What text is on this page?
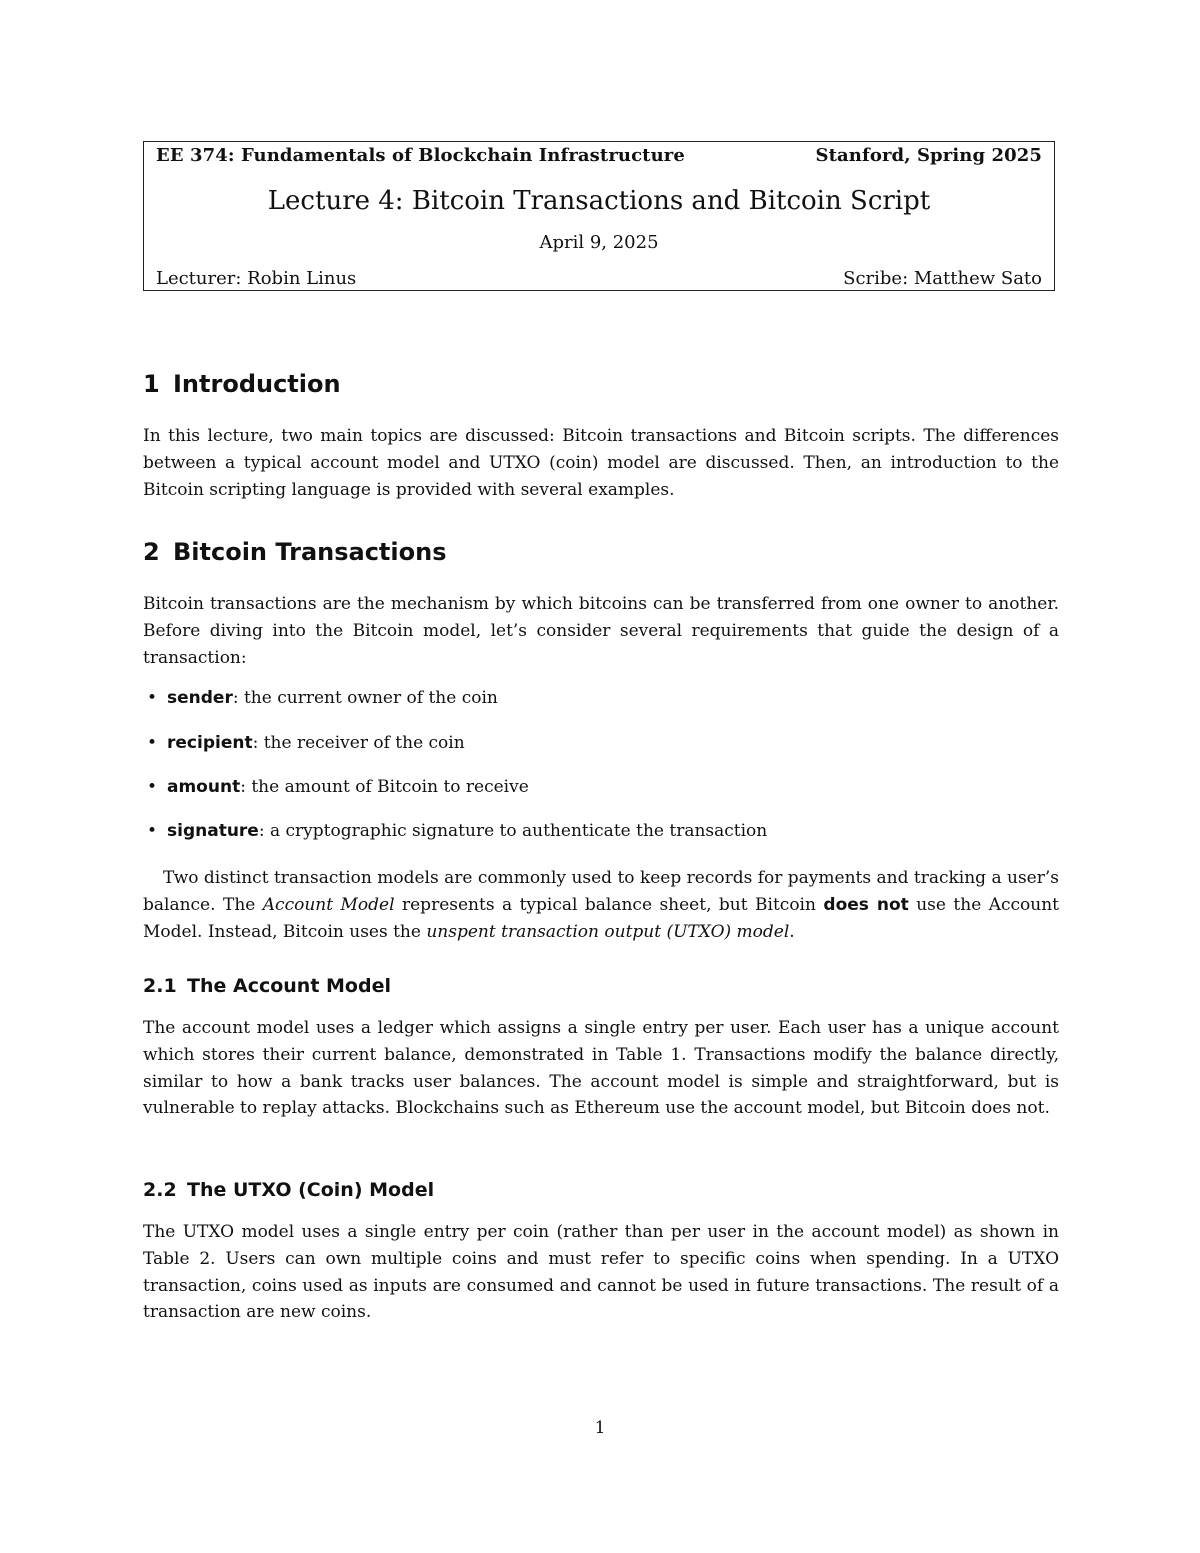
EE 374: Fundamentals of Blockchain Infrastructure	Stanford, Spring 2025
Lecture 4: Bitcoin Transactions and Bitcoin Script
April 9, 2025
Lecturer: Robin Linus	Scribe: Matthew Sato
1 Introduction

In this lecture, two main topics are discussed: Bitcoin transactions and Bitcoin scripts. The differences between a typical account model and UTXO (coin) model are discussed. Then, an introduction to the Bitcoin scripting language is provided with several examples.

2 Bitcoin Transactions

Bitcoin transactions are the mechanism by which bitcoins can be transferred from one owner to another. Before diving into the Bitcoin model, let’s consider several requirements that guide the design of a transaction:

• sender: the current owner of the coin
• recipient: the receiver of the coin
• amount: the amount of Bitcoin to receive
• signature: a cryptographic signature to authenticate the transaction

Two distinct transaction models are commonly used to keep records for payments and tracking a user’s balance. The Account Model represents a typical balance sheet, but Bitcoin does not use the Account Model. Instead, Bitcoin uses the unspent transaction output (UTXO) model.

2.1 The Account Model

The account model uses a ledger which assigns a single entry per user. Each user has a unique account which stores their current balance, demonstrated in Table 1. Transactions modify the balance directly, similar to how a bank tracks user balances. The account model is simple and straightforward, but is vulnerable to replay attacks. Blockchains such as Ethereum use the account model, but Bitcoin does not.

2.2 The UTXO (Coin) Model

The UTXO model uses a single entry per coin (rather than per user in the account model) as shown in Table 2. Users can own multiple coins and must refer to specific coins when spending. In a UTXO transaction, coins used as inputs are consumed and cannot be used in future transactions. The result of a transaction are new coins.

1
